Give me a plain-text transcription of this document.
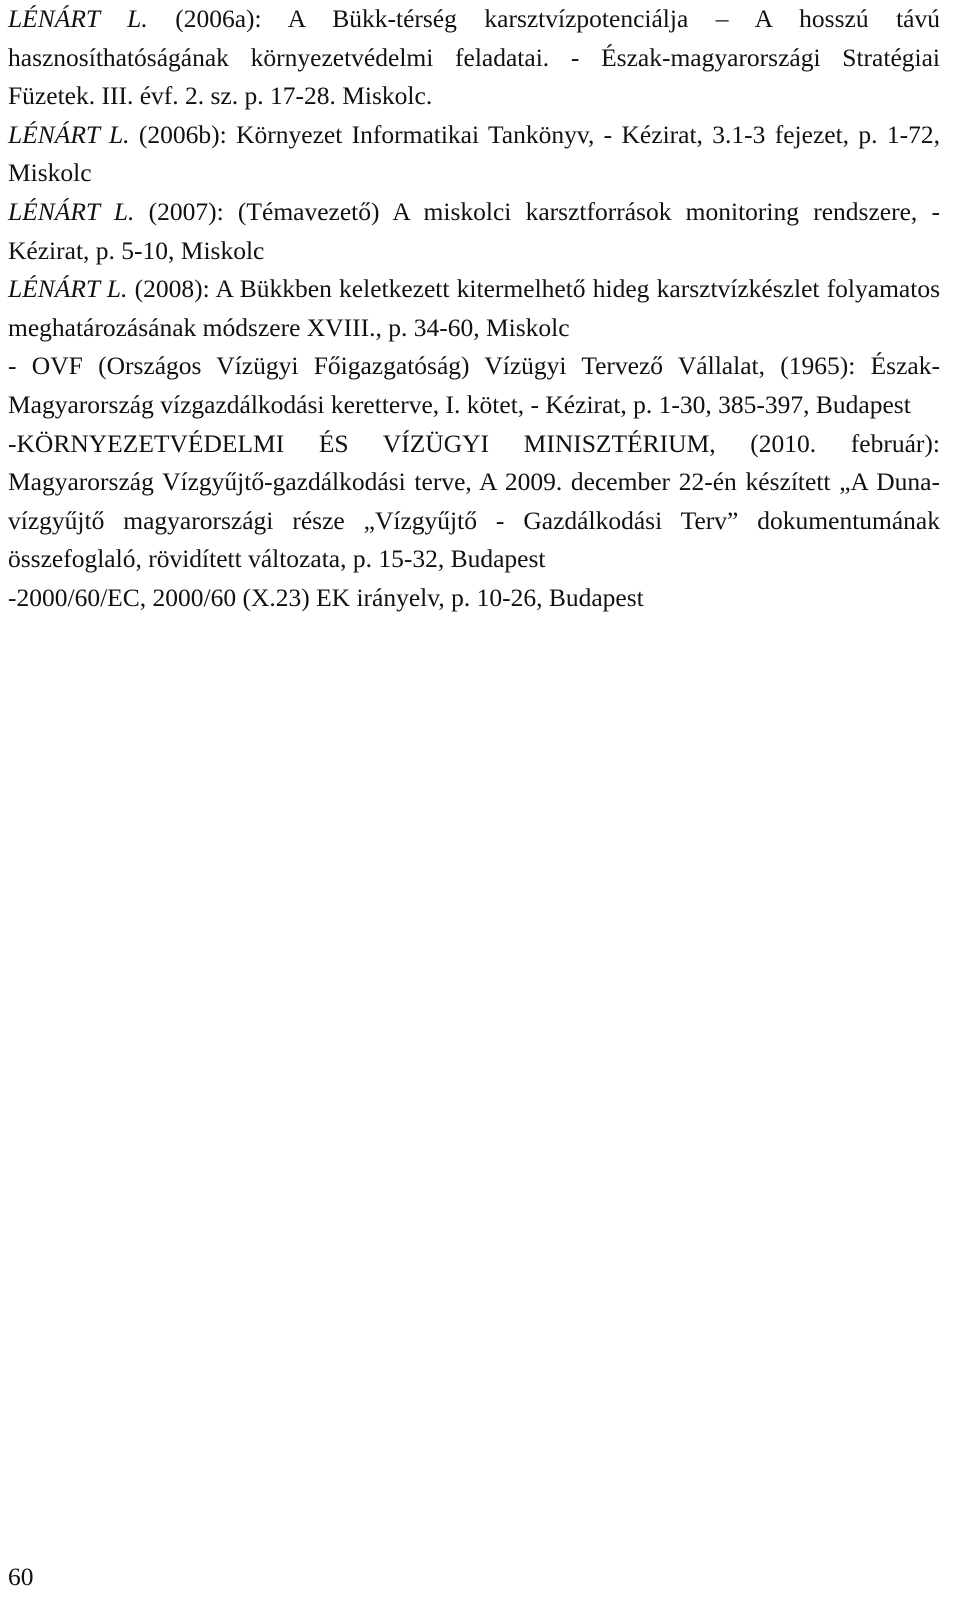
LÉNÁRT L. (2006a): A Bükk-térség karsztvízpotenciálja – A hosszú távú hasznosíthatóságának környezetvédelmi feladatai. - Észak-magyarországi Stratégiai Füzetek. III. évf. 2. sz. p. 17-28. Miskolc.

LÉNÁRT L. (2006b): Környezet Informatikai Tankönyv, - Kézirat, 3.1-3 fejezet, p. 1-72, Miskolc

LÉNÁRT L. (2007): (Témavezető) A miskolci karsztforrások monitoring rendszere, - Kézirat, p. 5-10, Miskolc

LÉNÁRT L. (2008): A Bükkben keletkezett kitermelhető hideg karsztvízkészlet folyamatos meghatározásának módszere XVIII., p. 34-60, Miskolc

- OVF (Országos Vízügyi Főigazgatóság) Vízügyi Tervező Vállalat, (1965): Észak-Magyarország vízgazdálkodási keretterve, I. kötet, - Kézirat, p. 1-30, 385-397, Budapest

-KÖRNYEZETVÉDELMI ÉS VÍZÜGYI MINISZTÉRIUM, (2010. február): Magyarország Vízgyűjtő-gazdálkodási terve, A 2009. december 22-én készített „A Duna-vízgyűjtő magyarországi része „Vízgyűjtő - Gazdálkodási Terv” dokumentumának összefoglaló, rövidített változata, p. 15-32, Budapest

-2000/60/EC, 2000/60 (X.23) EK irányelv, p. 10-26, Budapest

60
